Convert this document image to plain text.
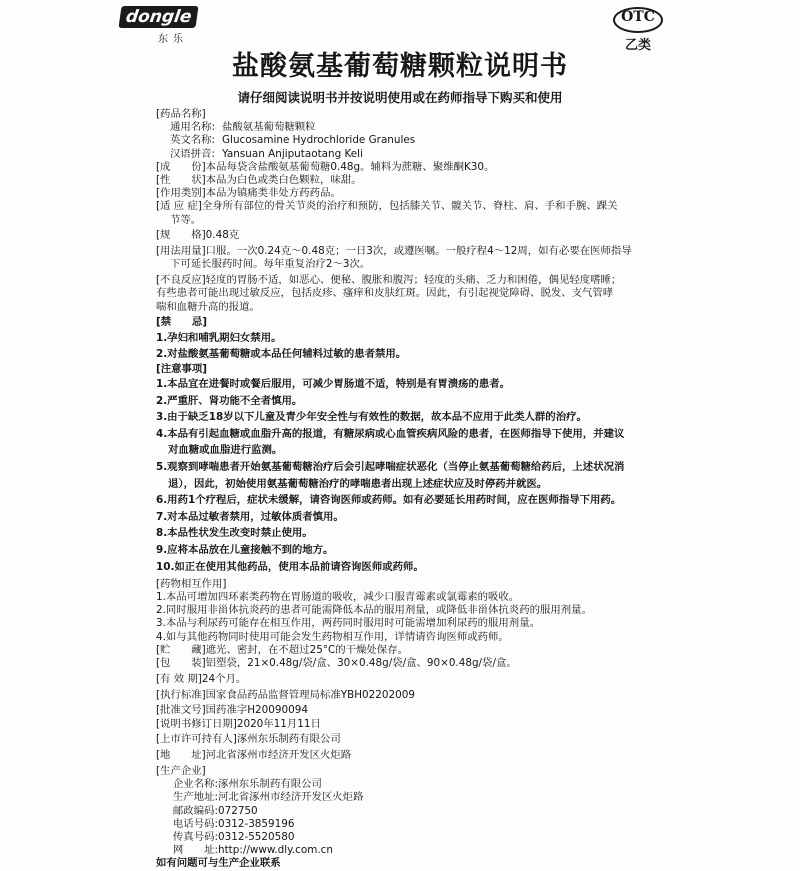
dongle
东乐
OTC
乙类
盐酸氨基葡萄糖颗粒说明书
请仔细阅读说明书并按说明使用或在药师指导下购买和使用
[药品名称]
通用名称: 盐酸氨基葡萄糖颗粒
英文名称: Glucosamine Hydrochloride Granules
汉语拼音: Yansuan Anjiputaotang Keli
[成　　份] 本品每袋含盐酸氨基葡萄糖0.48g。辅料为蔗糖、聚维酮K30。
[性　　状] 本品为白色或类白色颗粒，味甜。
[作用类别] 本品为镇痛类非处方药药品。
[适 应 症] 全身所有部位的骨关节炎的治疗和预防，包括膝关节、髋关节、脊柱、肩、手和手腕、踝关
节等。
[规　　格] 0.48克
[用法用量] 口服。一次0.24克～0.48克；一日3次，或遵医嘱。一般疗程4～12周，如有必要在医师指导
下可延长服药时间。每年重复治疗2～3次。
[不良反应] 轻度的胃肠不适，如恶心、便秘、腹胀和腹泻；轻度的头痛、乏力和困倦，偶见轻度嗜睡；
有些患者可能出现过敏反应，包括皮疹、瘙痒和皮肤红斑。因此，有引起视觉障碍、脱发、支气管哮
喘和血糖升高的报道。
[禁　　忌]
1.孕妇和哺乳期妇女禁用。
2.对盐酸氨基葡萄糖或本品任何辅料过敏的患者禁用。
[注意事项]
1.本品宜在进餐时或餐后服用，可减少胃肠道不适，特别是有胃溃疡的患者。
2.严重肝、肾功能不全者慎用。
3.由于缺乏18岁以下儿童及青少年安全性与有效性的数据，故本品不应用于此类人群的治疗。
4.本品有引起血糖或血脂升高的报道，有糖尿病或心血管疾病风险的患者，在医师指导下使用，并建议
对血糖或血脂进行监测。
5.观察到哮喘患者开始氨基葡萄糖治疗后会引起哮喘症状恶化（当停止氨基葡萄糖给药后，上述状况消
退），因此，初始使用氨基葡萄糖治疗的哮喘患者出现上述症状应及时停药并就医。
6.用药1个疗程后，症状未缓解，请咨询医师或药师。如有必要延长用药时间，应在医师指导下用药。
7.对本品过敏者禁用，过敏体质者慎用。
8.本品性状发生改变时禁止使用。
9.应将本品放在儿童接触不到的地方。
10.如正在使用其他药品，使用本品前请咨询医师或药师。
[药物相互作用]
1.本品可增加四环素类药物在胃肠道的吸收，减少口服青霉素或氯霉素的吸收。
2.同时服用非甾体抗炎药的患者可能需降低本品的服用剂量，或降低非甾体抗炎药的服用剂量。
3.本品与利尿药可能存在相互作用，两药同时服用时可能需增加利尿药的服用剂量。
4.如与其他药物同时使用可能会发生药物相互作用，详情请咨询医师或药师。
[贮　　藏] 遮光、密封，在不超过25°C的干燥处保存。
[包　　装] 铝塑袋，21×0.48g/袋/盒、30×0.48g/袋/盒、90×0.48g/袋/盒。
[有 效 期] 24个月。
[执行标准] 国家食品药品监督管理局标准YBH02202009
[批准文号] 国药准字H20090094
[说明书修订日期] 2020年11月11日
[上市许可持有人] 涿州东乐制药有限公司
[地　　址] 河北省涿州市经济开发区火炬路
[生产企业]
企业名称: 涿州东乐制药有限公司
生产地址: 河北省涿州市经济开发区火炬路
邮政编码: 072750
电话号码: 0312-3859196
传真号码: 0312-5520580
网　　址: http://www.dly.com.cn
如有问题可与生产企业联系
